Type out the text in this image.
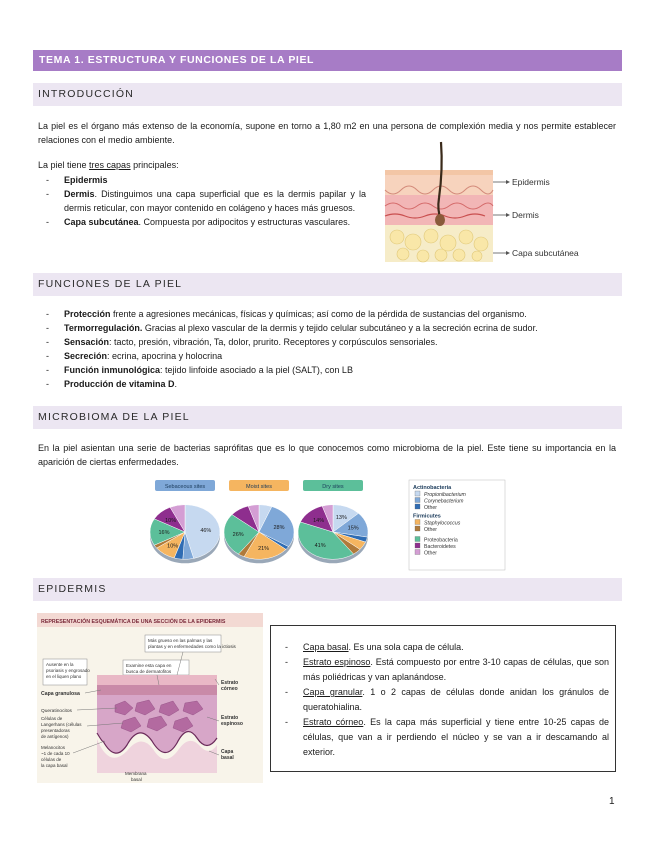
TEMA 1. ESTRUCTURA Y FUNCIONES DE LA PIEL
INTRODUCCIÓN
La piel es el órgano más extenso de la economía, supone en torno a 1,80 m2 en una persona de complexión media y nos permite establecer relaciones con el medio ambiente.
La piel tiene tres capas principales:
- Epidermis
- Dermis. Distinguimos una capa superficial que es la dermis papilar y la dermis reticular, con mayor contenido en colágeno y haces más gruesos.
- Capa subcutánea. Compuesta por adipocitos y estructuras vasculares.
Epidermis
Dermis
Capa subcutánea
FUNCIONES DE LA PIEL
- Protección frente a agresiones mecánicas, físicas y químicas; así como de la pérdida de sustancias del organismo.
- Termorregulación. Gracias al plexo vascular de la dermis y tejido celular subcutáneo y a la secreción ecrina de sudor.
- Sensación: tacto, presión, vibración, Ta, dolor, prurito. Receptores y corpúsculos sensoriales.
- Secreción: ecrina, apocrina y holocrina
- Función inmunológica: tejido linfoide asociado a la piel (SALT), con LB
- Producción de vitamina D.
MICROBIOMA DE LA PIEL
En la piel asientan una serie de bacterias saprófitas que es lo que conocemos como microbioma de la piel. Este tiene su importancia en la aparición de ciertas enfermedades.
Sebaceous sites
46%
10%
16%
10%
Moist sites
28%
21%
26%
Dry sites
13%
15%
41%
14%
Actinobacteria
Propionibacterium
Corynebacterium
Other
Firmicutes
Staphylococcus
Other
Proteobacteria
Bacteroidetes
Other
EPIDERMIS
REPRESENTACIÓN ESQUEMÁTICA DE UNA SECCIÓN DE LA EPIDERMIS
Más grueso en las palmas y las
plantas y en enfermedades como la ictiosis
Examine esta capa en
busca de dermatofitos
Ausente en la
psoriasis y engrosado
en el liquen plano
Capa granulosa
Queratinocitos
Células de
Langerhans (células
presentadoras
de antígenos)
Melanocitos
~1 de cada 10
células de
la capa basal
Membrana
basal
Estrato
córneo
Estrato
espinoso
Capa
basal
- Capa basal. Es una sola capa de célula.
- Estrato espinoso. Está compuesto por entre 3-10 capas de células, que son más poliédricas y van aplanándose.
- Capa granular. 1 o 2 capas de células donde anidan los gránulos de queratohialina.
- Estrato córneo. Es la capa más superficial y tiene entre 10-25 capas de células, que van a ir perdiendo el núcleo y se van a ir descamando al exterior.
1
